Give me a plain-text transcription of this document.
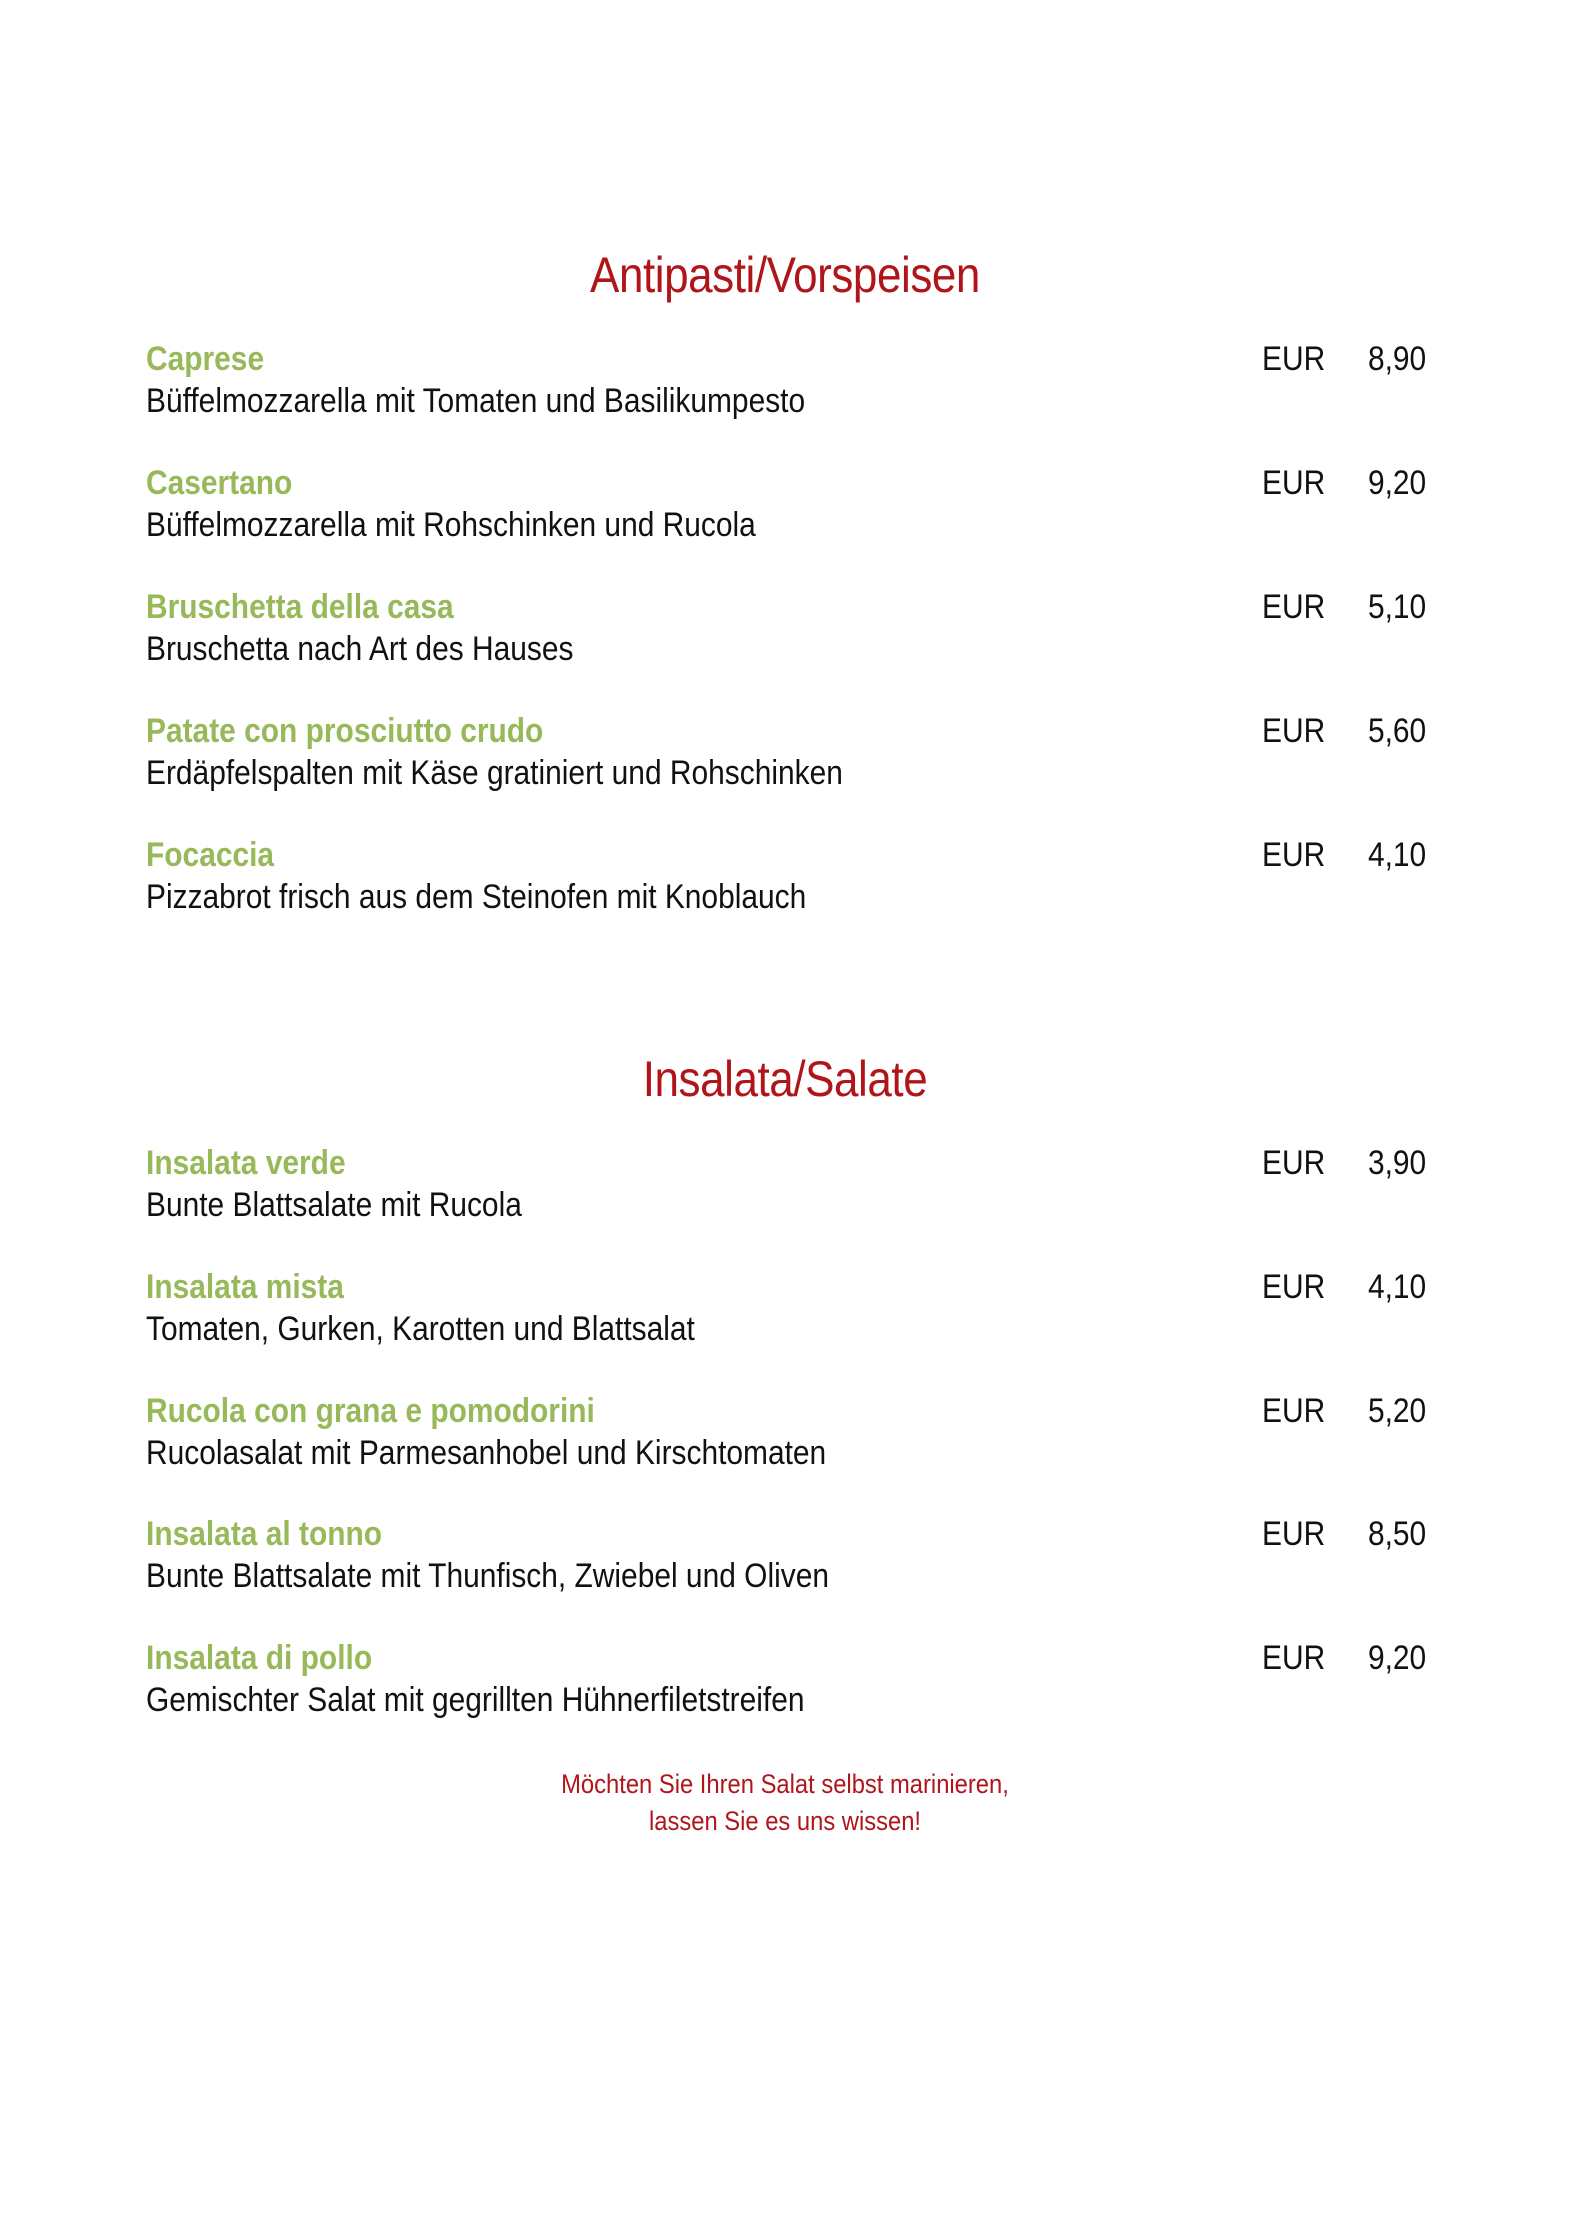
Antipasti/Vorspeisen
Caprese
Büffelmozzarella mit Tomaten und Basilikumpesto
EUR 8,90
Casertano
Büffelmozzarella mit Rohschinken und Rucola
EUR 9,20
Bruschetta della casa
Bruschetta nach Art des Hauses
EUR 5,10
Patate con prosciutto crudo
Erdäpfelspalten mit Käse gratiniert und Rohschinken
EUR 5,60
Focaccia
Pizzabrot frisch aus dem Steinofen mit Knoblauch
EUR 4,10
Insalata/Salate
Insalata verde
Bunte Blattsalate mit Rucola
EUR 3,90
Insalata mista
Tomaten, Gurken, Karotten und Blattsalat
EUR 4,10
Rucola con grana e pomodorini
Rucolasalat mit Parmesanhobel und Kirschtomaten
EUR 5,20
Insalata al tonno
Bunte Blattsalate mit Thunfisch, Zwiebel und Oliven
EUR 8,50
Insalata di pollo
Gemischter Salat mit gegrillten Hühnerfiletstreifen
EUR 9,20
Möchten Sie Ihren Salat selbst marinieren,
lassen Sie es uns wissen!
